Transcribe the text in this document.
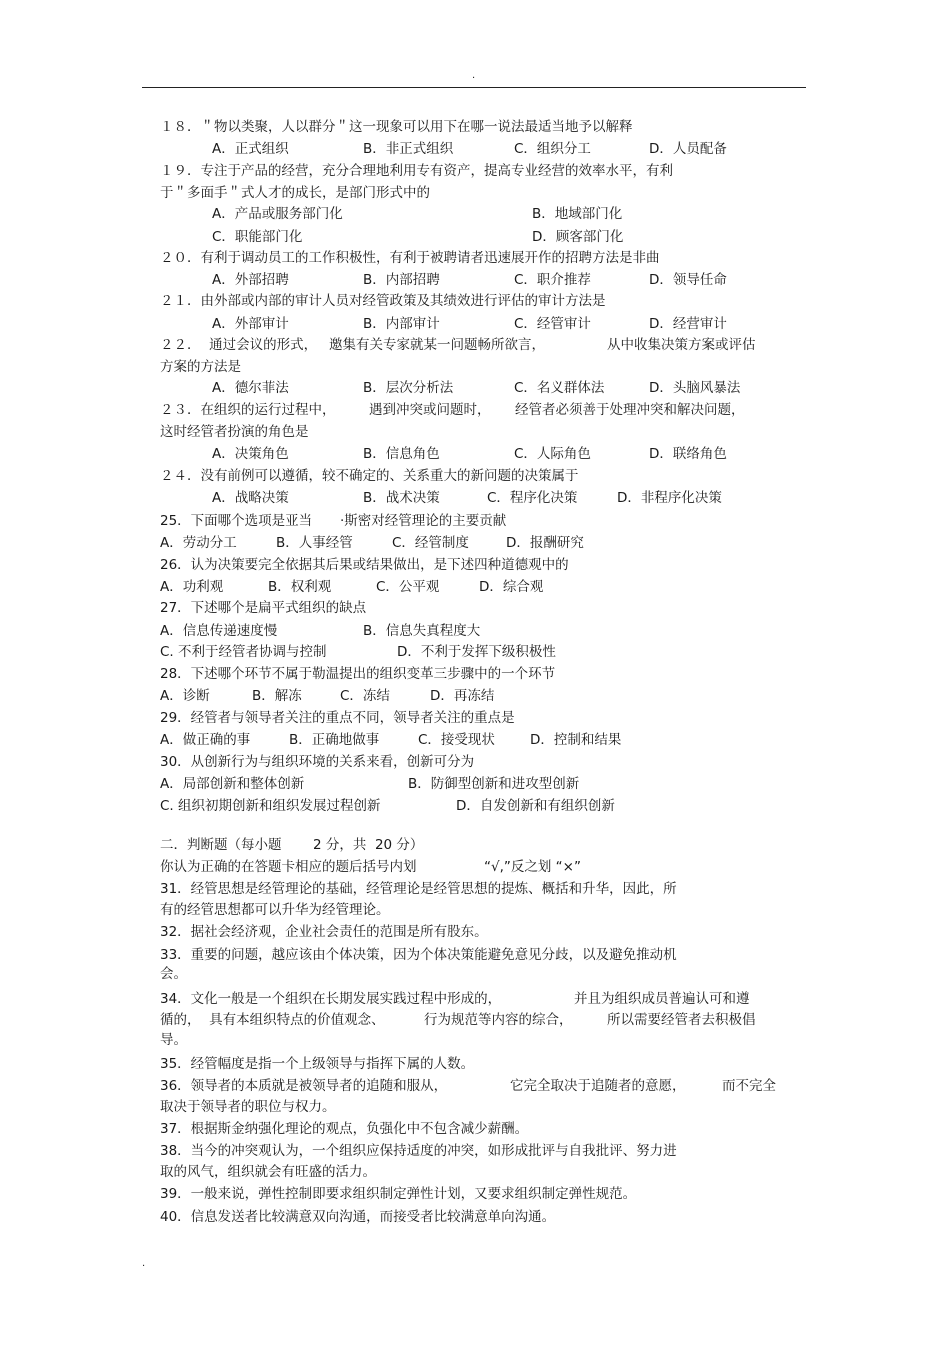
.
１８．＂物以类聚，人以群分＂这一现象可以用下在哪一说法最适当地予以解释
A．正式组织	B．非正式组织	C．组织分工	D．人员配备
１９．专注于产品的经营，充分合理地利用专有资产，提高专业经营的效率水平，有利
于＂多面手＂式人才的成长，是部门形式中的
A．产品或服务部门化	B．地域部门化
C．职能部门化	D．顾客部门化
２０．有利于调动员工的工作积极性，有利于被聘请者迅速展开作的招聘方法是非曲
A．外部招聘	B．内部招聘	C．职介推荐	D．领导任命
２１．由外部或内部的审计人员对经管政策及其绩效进行评估的审计方法是
A．外部审计	B．内部审计	C．经管审计	D．经营审计
２２．  通过会议的形式， 邀集有关专家就某一问题畅所欲言，	从中收集决策方案或评估
方案的方法是
A．德尔菲法	B．层次分析法	C．名义群体法	D．头脑风暴法
２３．在组织的运行过程中， 遇到冲突或问题时， 经管者必须善于处理冲突和解决问题，
这时经管者扮演的角色是
A．决策角色	B．信息角色	C．人际角色	D．联络角色
２４．没有前例可以遵循，较不确定的、关系重大的新问题的决策属于
A．战略决策	B．战术决策	C．程序化决策	D．非程序化决策
25．下面哪个选项是亚当 ·斯密对经管理论的主要贡献
A．劳动分工	B．人事经管	C．经管制度	D．报酬研究
26．认为决策要完全依据其后果或结果做出，是下述四种道德观中的
A．功利观	B．权利观	C．公平观	D．综合观
27．下述哪个是扁平式组织的缺点
A．信息传递速度慢	B．信息失真程度大
C. 不利于经管者协调与控制	D．不利于发挥下级积极性
28．下述哪个环节不属于勒温提出的组织变革三步骤中的一个环节
A．诊断	B．解冻	C．冻结	D．再冻结
29．经管者与领导者关注的重点不同，领导者关注的重点是
A．做正确的事	B．正确地做事	C．接受现状	D．控制和结果
30．从创新行为与组织环境的关系来看，创新可分为
A．局部创新和整体创新	B．防御型创新和进攻型创新
C. 组织初期创新和组织发展过程创新	D．自发创新和有组织创新
二．判断题（每小题 2 分，共  20 分）
你认为正确的在答题卡相应的题后括号内划	“√,”反之划 “×”
31．经管思想是经管理论的基础，经管理论是经管思想的提炼、概括和升华，因此，所
有的经管思想都可以升华为经管理论。
32．据社会经济观，企业社会责任的范围是所有股东。
33．重要的问题，越应该由个体决策，因为个体决策能避免意见分歧，以及避免推动机
会。
34．文化一般是一个组织在长期发展实践过程中形成的，	并且为组织成员普遍认可和遵
循的，  具有本组织特点的价值观念、	行为规范等内容的综合，	所以需要经管者去积极倡
导。
35．经管幅度是指一个上级领导与指挥下属的人数。
36．领导者的本质就是被领导者的追随和服从，	它完全取决于追随者的意愿，	而不完全
取决于领导者的职位与权力。
37．根据斯金纳强化理论的观点，负强化中不包含减少薪酬。
38．当今的冲突观认为，一个组织应保持适度的冲突，如形成批评与自我批评、努力进
取的风气，组织就会有旺盛的活力。
39．一般来说，弹性控制即要求组织制定弹性计划，又要求组织制定弹性规范。
40．信息发送者比较满意双向沟通，而接受者比较满意单向沟通。
.
